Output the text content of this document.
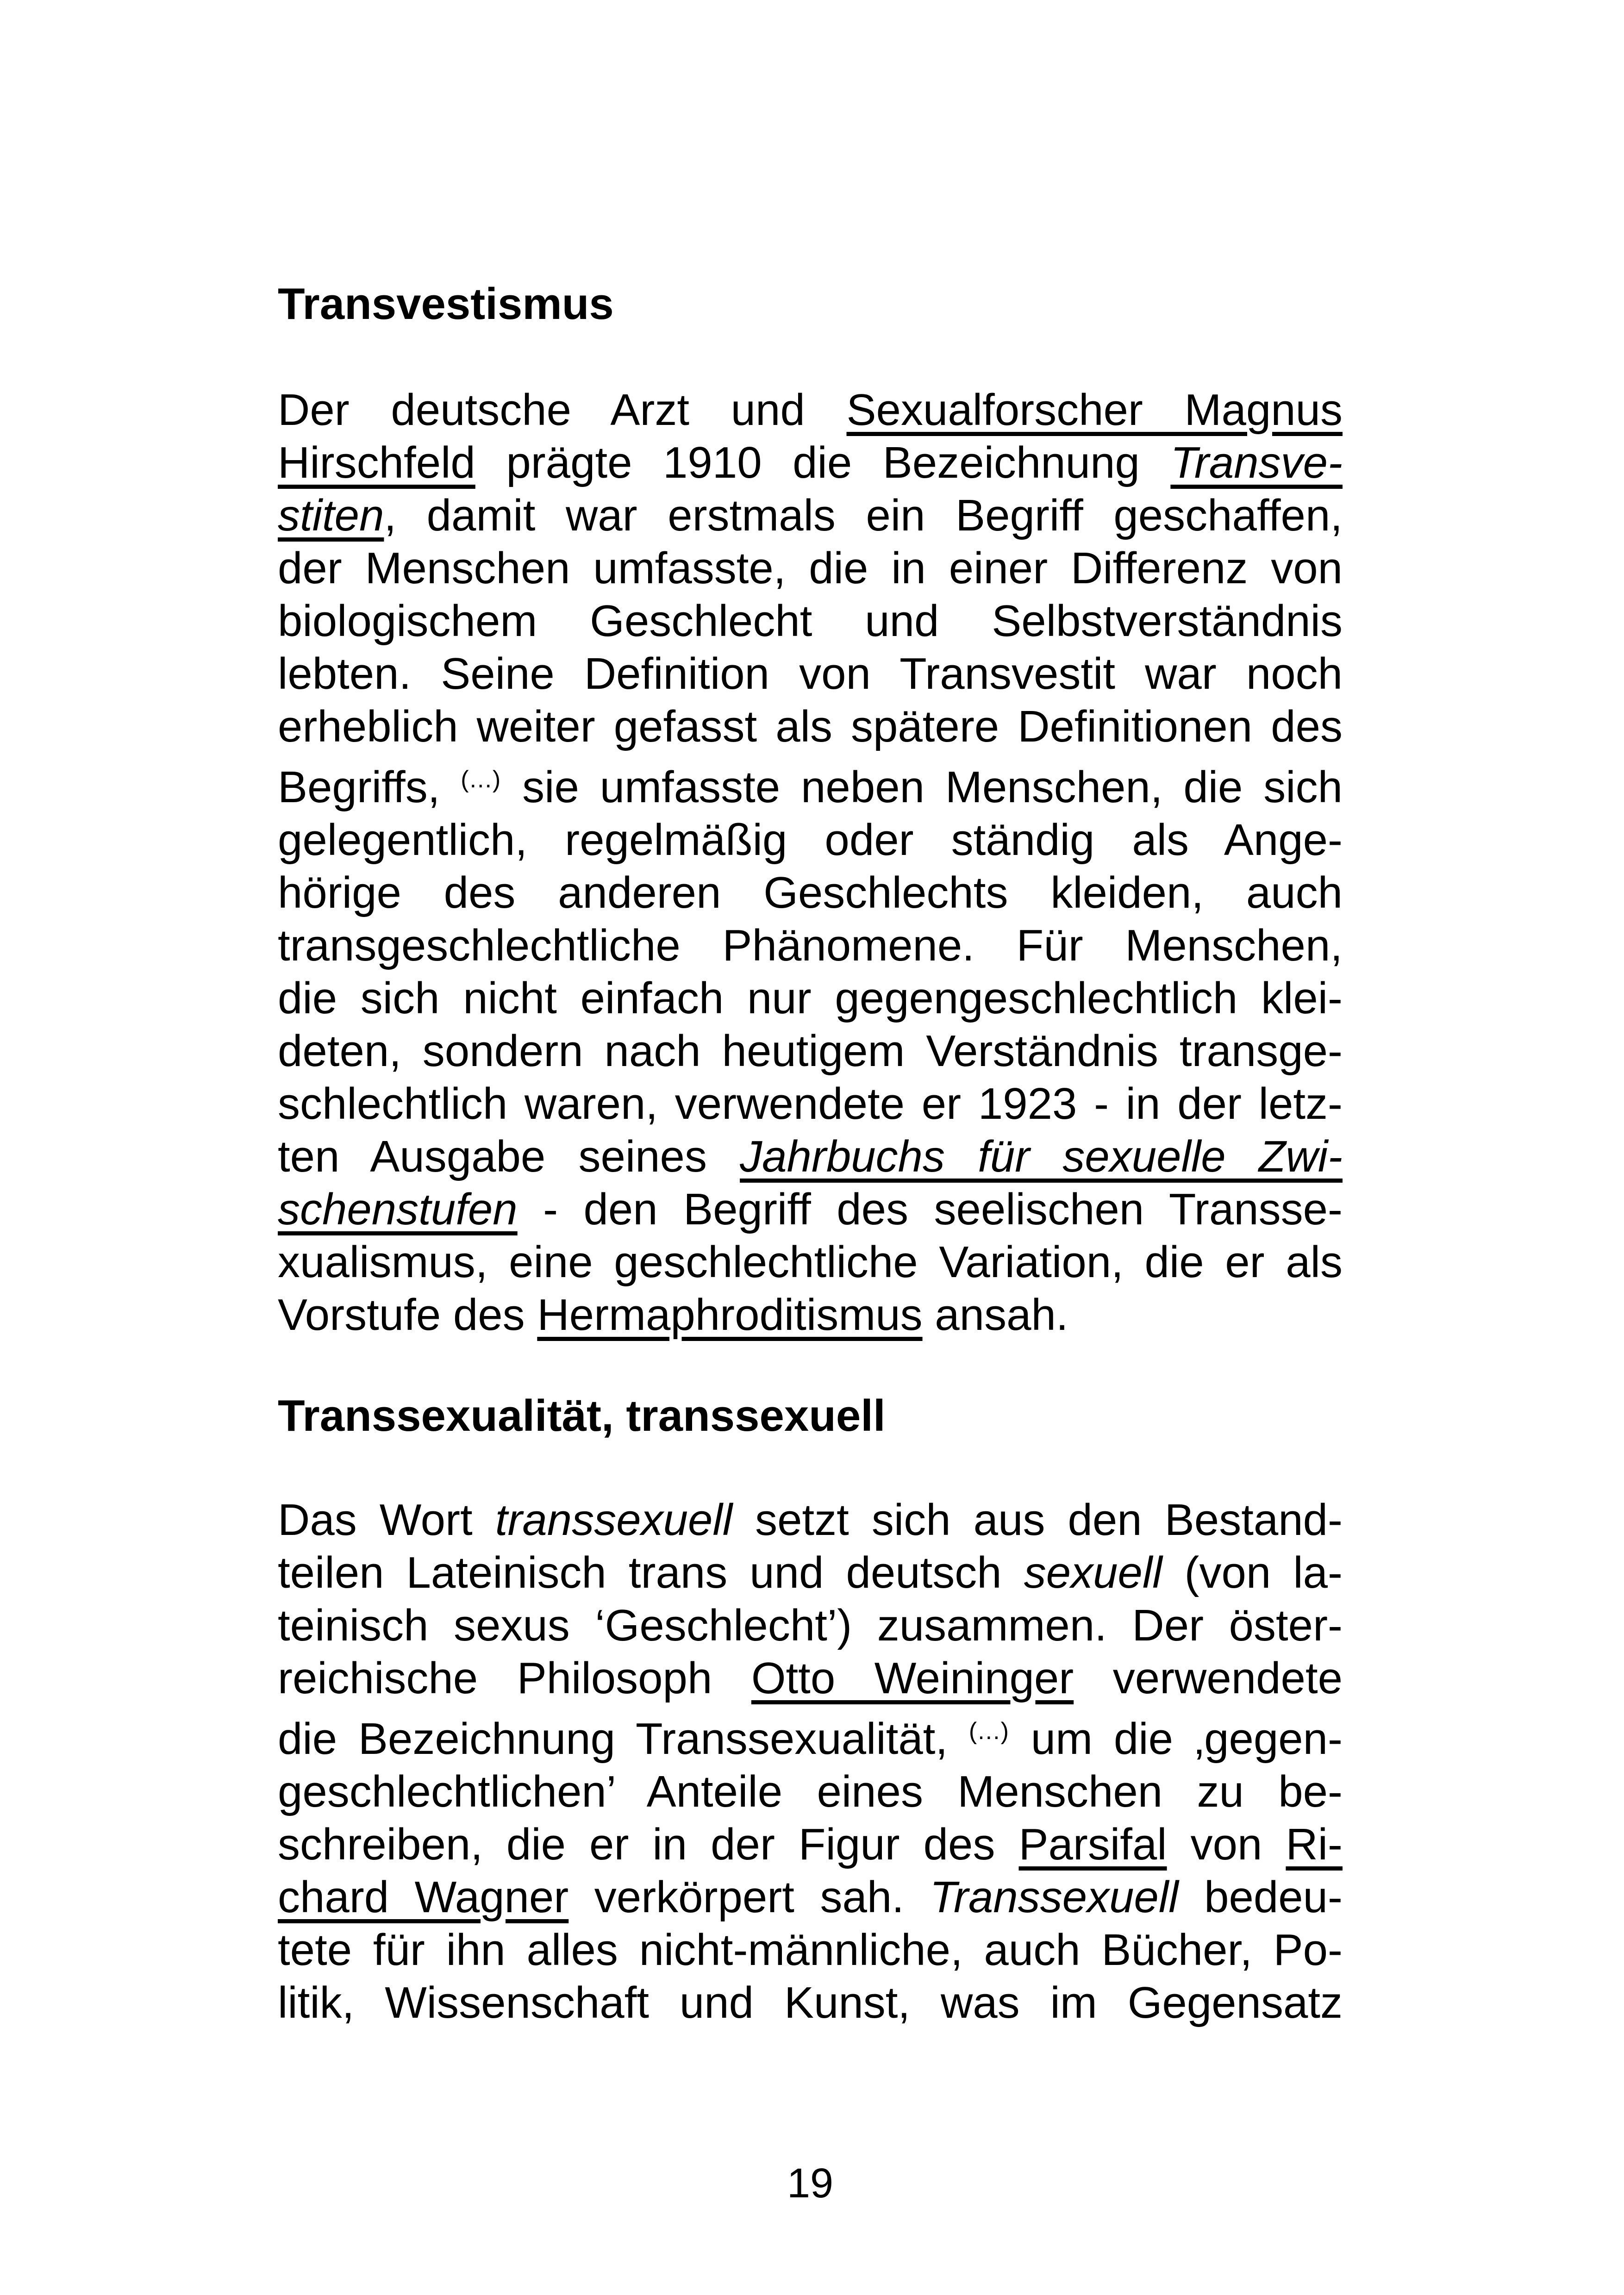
Transvestismus
Der deutsche Arzt und Sexualforscher Magnus
Hirschfeld prägte 1910 die Bezeichnung Transve-
stiten, damit war erstmals ein Begriff geschaffen,
der Menschen umfasste, die in einer Differenz von
biologischem Geschlecht und Selbstverständnis
lebten. Seine Definition von Transvestit war noch
erheblich weiter gefasst als spätere Definitionen des
Begriffs, (...) sie umfasste neben Menschen, die sich
gelegentlich, regelmäßig oder ständig als Ange-
hörige des anderen Geschlechts kleiden, auch
transgeschlechtliche Phänomene. Für Menschen,
die sich nicht einfach nur gegengeschlechtlich klei-
deten, sondern nach heutigem Verständnis transge-
schlechtlich waren, verwendete er 1923 - in der letz-
ten Ausgabe seines Jahrbuchs für sexuelle Zwi-
schenstufen - den Begriff des seelischen Transse-
xualismus, eine geschlechtliche Variation, die er als
Vorstufe des Hermaphroditismus ansah.
Transsexualität, transsexuell
Das Wort transsexuell setzt sich aus den Bestand-
teilen Lateinisch trans und deutsch sexuell (von la-
teinisch sexus ‘Geschlecht’) zusammen. Der öster-
reichische Philosoph Otto Weininger verwendete
die Bezeichnung Transsexualität, (...) um die ‚gegen-
geschlechtlichen’ Anteile eines Menschen zu be-
schreiben, die er in der Figur des Parsifal von Ri-
chard Wagner verkörpert sah. Transsexuell bedeu-
tete für ihn alles nicht-männliche, auch Bücher, Po-
litik, Wissenschaft und Kunst, was im Gegensatz
19
